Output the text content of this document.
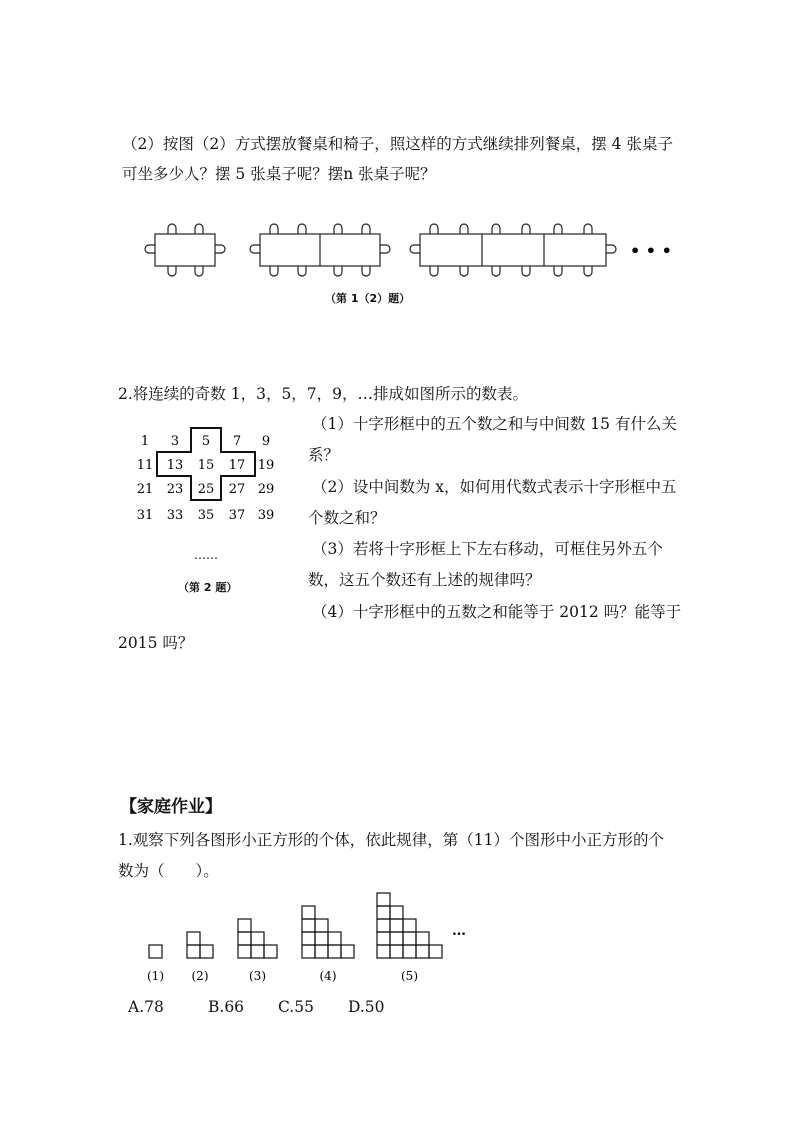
（2）按图（2）方式摆放餐桌和椅子，照这样的方式继续排列餐桌，摆 4 张桌子
可坐多少人？摆 5 张桌子呢？摆n 张桌子呢？
• • •
（第 1（2）题）
2.将连续的奇数 1，3，5，7，9，…排成如图所示的数表。
1 3 5 7 9
11 13 15 17 19
21 23 25 27 29
31 33 35 37 39
……
（第 2 题）
（1）十字形框中的五个数之和与中间数 15 有什么关
系？
（2）设中间数为 x，如何用代数式表示十字形框中五
个数之和？
（3）若将十字形框上下左右移动，可框住另外五个
数，这五个数还有上述的规律吗？
（4）十字形框中的五数之和能等于 2012 吗？能等于
2015 吗？
【家庭作业】
1.观察下列各图形小正方形的个体，依此规律，第（11）个图形中小正方形的个
数为（　　）。
(1) (2)	(3)	(4)	(5)
…
A.78	B.66 C.55 D.50
